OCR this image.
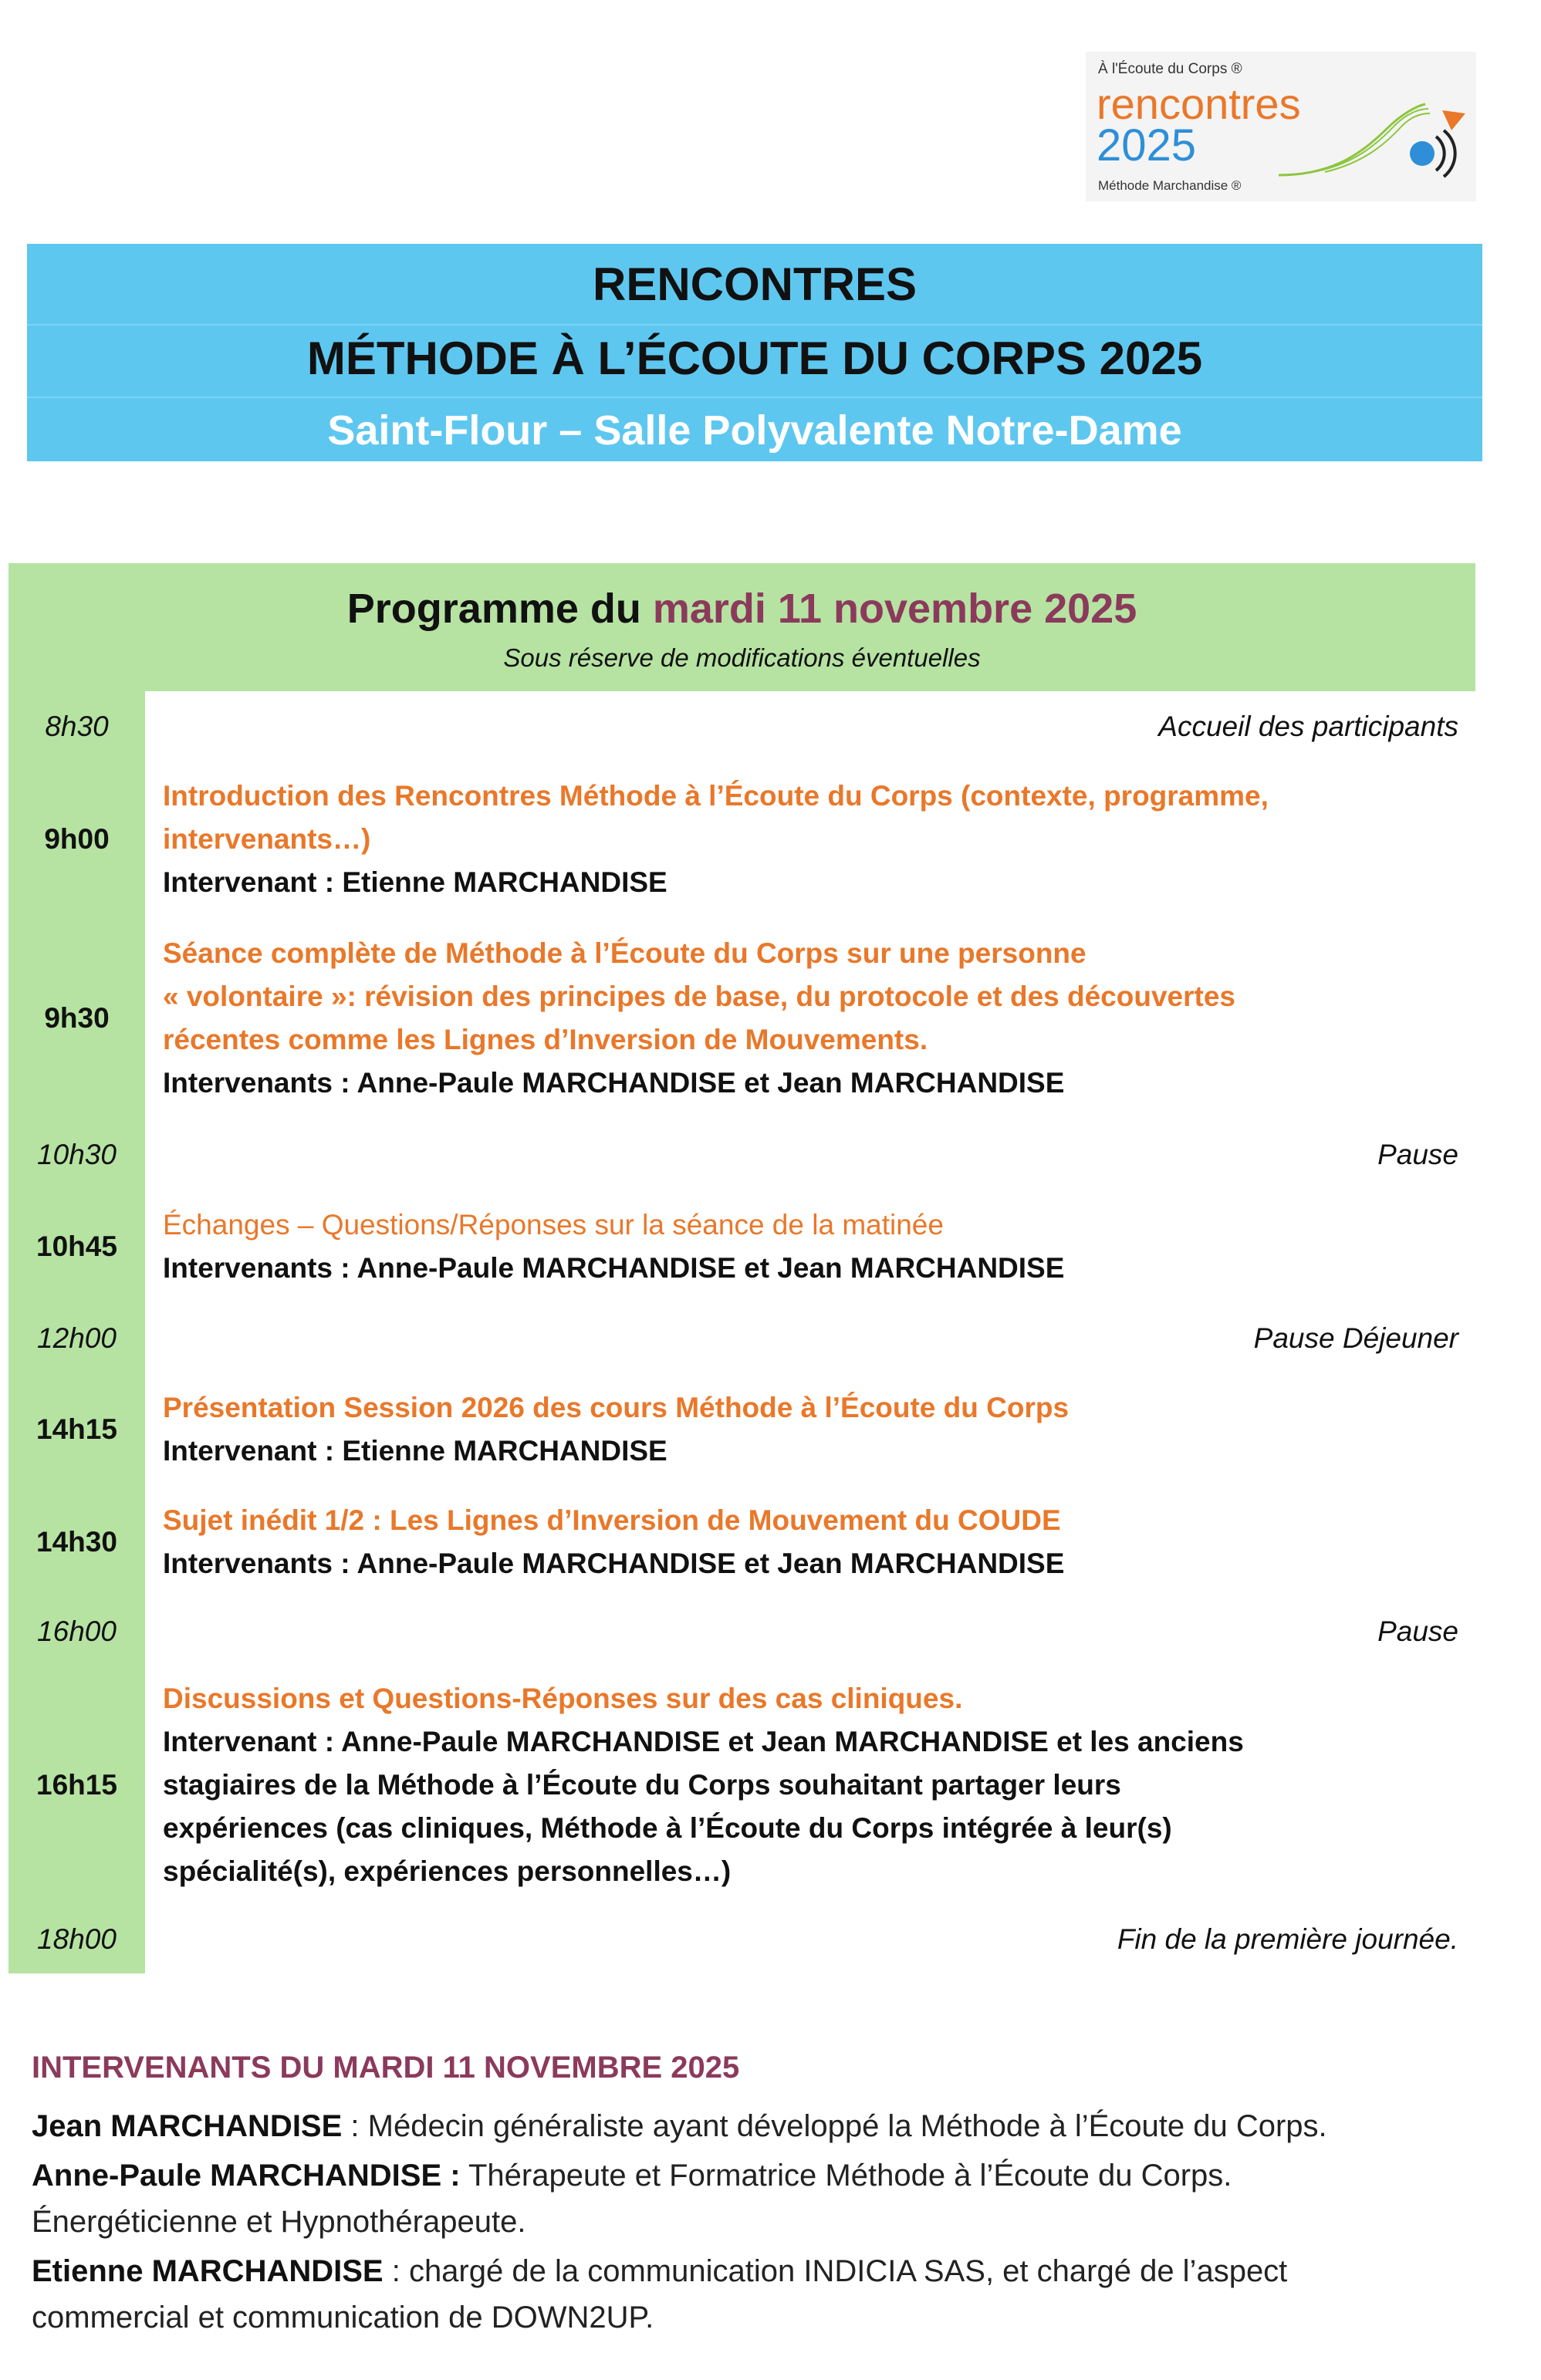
À l'Écoute du Corps ®
rencontres
2025
Méthode Marchandise ®
RENCONTRES
MÉTHODE À L’ÉCOUTE DU CORPS 2025
Saint-Flour – Salle Polyvalente Notre-Dame
Programme du mardi 11 novembre 2025
Sous réserve de modifications éventuelles
8h30	Accueil des participants
9h00
Introduction des Rencontres Méthode à l’Écoute du Corps (contexte, programme,
intervenants…)
Intervenant : Etienne MARCHANDISE
9h30
Séance complète de Méthode à l’Écoute du Corps sur une personne
« volontaire »: révision des principes de base, du protocole et des découvertes
récentes comme les Lignes d’Inversion de Mouvements.
Intervenants : Anne-Paule MARCHANDISE et Jean MARCHANDISE
10h30	Pause
10h45
Échanges – Questions/Réponses sur la séance de la matinée
Intervenants : Anne-Paule MARCHANDISE et Jean MARCHANDISE
12h00	Pause Déjeuner
14h15
Présentation Session 2026 des cours Méthode à l’Écoute du Corps
Intervenant : Etienne MARCHANDISE
14h30
Sujet inédit 1/2 : Les Lignes d’Inversion de Mouvement du COUDE
Intervenants : Anne-Paule MARCHANDISE et Jean MARCHANDISE
16h00	Pause
16h15
Discussions et Questions-Réponses sur des cas cliniques.
Intervenant : Anne-Paule MARCHANDISE et Jean MARCHANDISE et les anciens
stagiaires de la Méthode à l’Écoute du Corps souhaitant partager leurs
expériences (cas cliniques, Méthode à l’Écoute du Corps intégrée à leur(s)
spécialité(s), expériences personnelles…)
18h00	Fin de la première journée.
INTERVENANTS DU MARDI 11 NOVEMBRE 2025
Jean MARCHANDISE : Médecin généraliste ayant développé la Méthode à l’Écoute du Corps.
Anne-Paule MARCHANDISE : Thérapeute et Formatrice Méthode à l’Écoute du Corps.
Énergéticienne et Hypnothérapeute.
Etienne MARCHANDISE : chargé de la communication INDICIA SAS, et chargé de l’aspect
commercial et communication de DOWN2UP.
